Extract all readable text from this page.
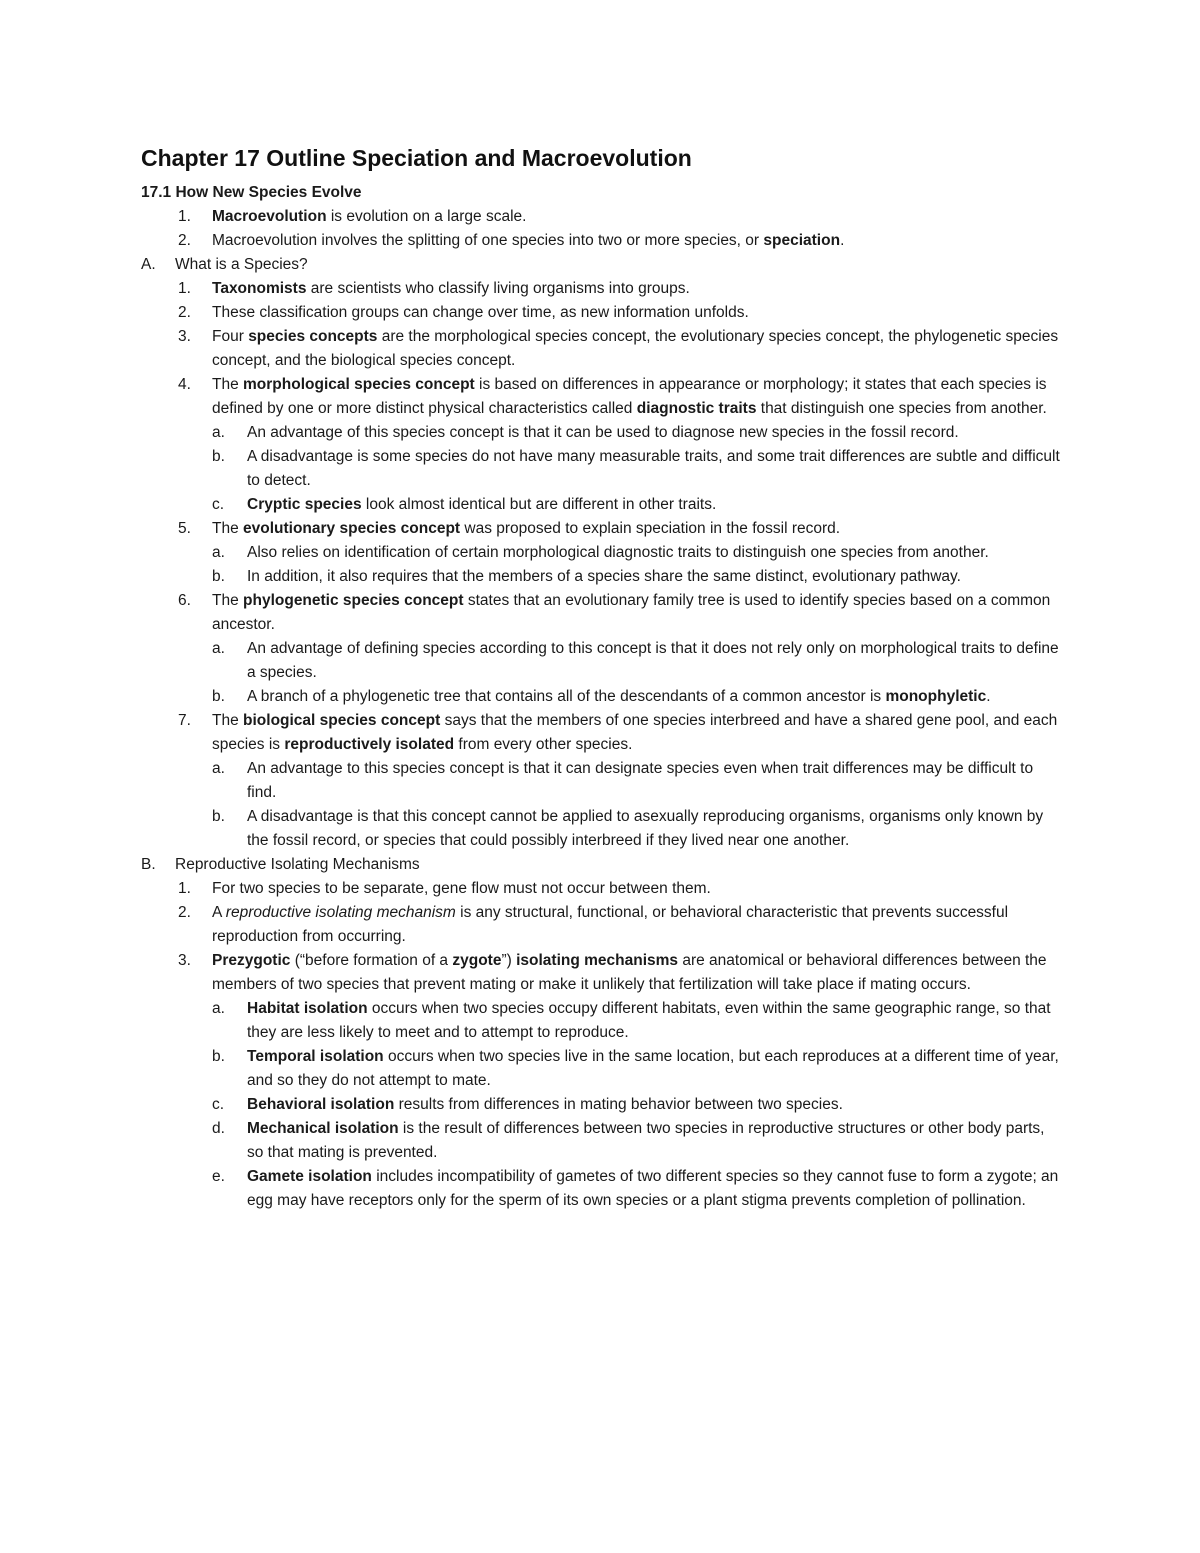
Chapter 17 Outline Speciation and Macroevolution
17.1 How New Species Evolve
1. Macroevolution is evolution on a large scale.
2. Macroevolution involves the splitting of one species into two or more species, or speciation.
A. What is a Species?
1. Taxonomists are scientists who classify living organisms into groups.
2. These classification groups can change over time, as new information unfolds.
3. Four species concepts are the morphological species concept, the evolutionary species concept, the phylogenetic species concept, and the biological species concept.
4. The morphological species concept is based on differences in appearance or morphology; it states that each species is defined by one or more distinct physical characteristics called diagnostic traits that distinguish one species from another.
a. An advantage of this species concept is that it can be used to diagnose new species in the fossil record.
b. A disadvantage is some species do not have many measurable traits, and some trait differences are subtle and difficult to detect.
c. Cryptic species look almost identical but are different in other traits.
5. The evolutionary species concept was proposed to explain speciation in the fossil record.
a. Also relies on identification of certain morphological diagnostic traits to distinguish one species from another.
b. In addition, it also requires that the members of a species share the same distinct, evolutionary pathway.
6. The phylogenetic species concept states that an evolutionary family tree is used to identify species based on a common ancestor.
a. An advantage of defining species according to this concept is that it does not rely only on morphological traits to define a species.
b. A branch of a phylogenetic tree that contains all of the descendants of a common ancestor is monophyletic.
7. The biological species concept says that the members of one species interbreed and have a shared gene pool, and each species is reproductively isolated from every other species.
a. An advantage to this species concept is that it can designate species even when trait differences may be difficult to find.
b. A disadvantage is that this concept cannot be applied to asexually reproducing organisms, organisms only known by the fossil record, or species that could possibly interbreed if they lived near one another.
B. Reproductive Isolating Mechanisms
1. For two species to be separate, gene flow must not occur between them.
2. A reproductive isolating mechanism is any structural, functional, or behavioral characteristic that prevents successful reproduction from occurring.
3. Prezygotic (“before formation of a zygote”) isolating mechanisms are anatomical or behavioral differences between the members of two species that prevent mating or make it unlikely that fertilization will take place if mating occurs.
a. Habitat isolation occurs when two species occupy different habitats, even within the same geographic range, so that they are less likely to meet and to attempt to reproduce.
b. Temporal isolation occurs when two species live in the same location, but each reproduces at a different time of year, and so they do not attempt to mate.
c. Behavioral isolation results from differences in mating behavior between two species.
d. Mechanical isolation is the result of differences between two species in reproductive structures or other body parts, so that mating is prevented.
e. Gamete isolation includes incompatibility of gametes of two different species so they cannot fuse to form a zygote; an egg may have receptors only for the sperm of its own species or a plant stigma prevents completion of pollination.
